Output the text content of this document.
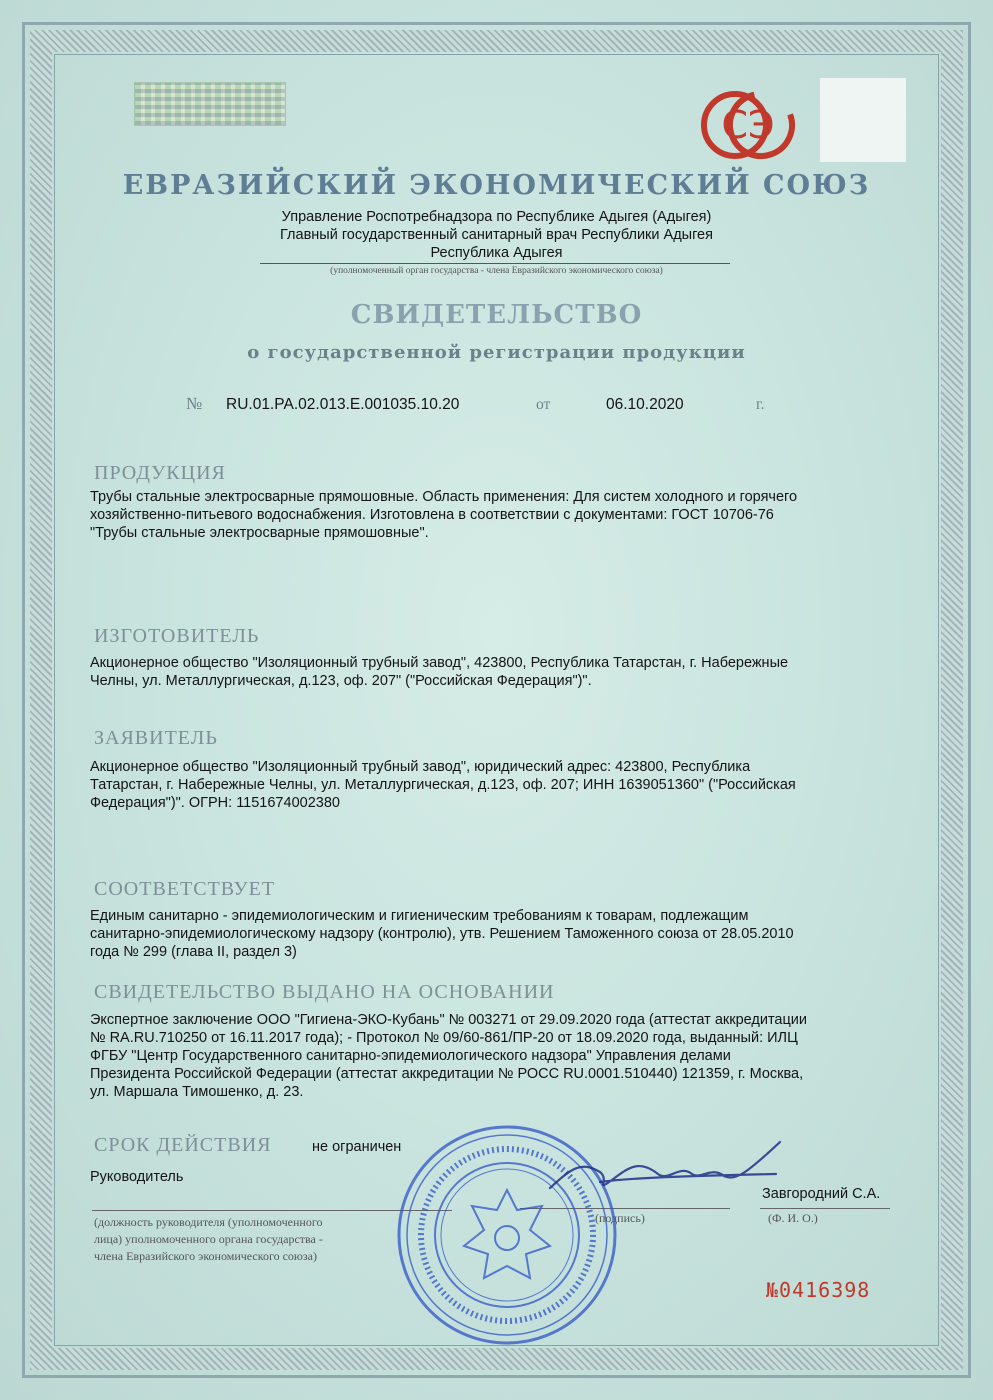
СЭ
ЕВРАЗИЙСКИЙ ЭКОНОМИЧЕСКИЙ СОЮЗ
Управление Роспотребнадзора по Республике Адыгея (Адыгея)
Главный государственный санитарный врач Республики Адыгея
Республика Адыгея
(уполномоченный орган государства - члена Евразийского экономического союза)
СВИДЕТЕЛЬСТВО
о государственной регистрации продукции
№ RU.01.РА.02.013.Е.001035.10.20	от	06.10.2020	г.
ПРОДУКЦИЯ
Трубы стальные электросварные прямошовные. Область применения: Для систем холодного и горячего
хозяйственно-питьевого водоснабжения. Изготовлена в соответствии с документами: ГОСТ 10706-76
"Трубы стальные электросварные прямошовные".
ИЗГОТОВИТЕЛЬ
Акционерное общество "Изоляционный трубный завод", 423800, Республика Татарстан, г. Набережные
Челны, ул. Металлургическая, д.123, оф. 207" ("Российская Федерация")".
ЗАЯВИТЕЛЬ
Акционерное общество "Изоляционный трубный завод", юридический адрес: 423800, Республика
Татарстан, г. Набережные Челны, ул. Металлургическая, д.123, оф. 207; ИНН 1639051360" ("Российская
Федерация")". ОГРН: 1151674002380
СООТВЕТСТВУЕТ
Единым санитарно - эпидемиологическим и гигиеническим требованиям к товарам, подлежащим
санитарно-эпидемиологическому надзору (контролю), утв. Решением Таможенного союза от 28.05.2010
года № 299 (глава II, раздел 3)
СВИДЕТЕЛЬСТВО ВЫДАНО НА ОСНОВАНИИ
Экспертное заключение ООО "Гигиена-ЭКО-Кубань" № 003271 от 29.09.2020 года (аттестат аккредитации
№ RA.RU.710250 от 16.11.2017 года); - Протокол № 09/60-861/ПР-20 от 18.09.2020 года, выданный: ИЛЦ
ФГБУ "Центр Государственного санитарно-эпидемиологического надзора" Управления делами
Президента Российской Федерации (аттестат аккредитации № РОСС RU.0001.510440) 121359, г. Москва,
ул. Маршала Тимошенко, д. 23.
СРОК ДЕЙСТВИЯ	не ограничен
Руководитель
Завгородний С.А.
(должность руководителя (уполномоченного
лица) уполномоченного органа государства -
члена Евразийского экономического союза)
(подпись)	(Ф. И. О.)
№0416398
